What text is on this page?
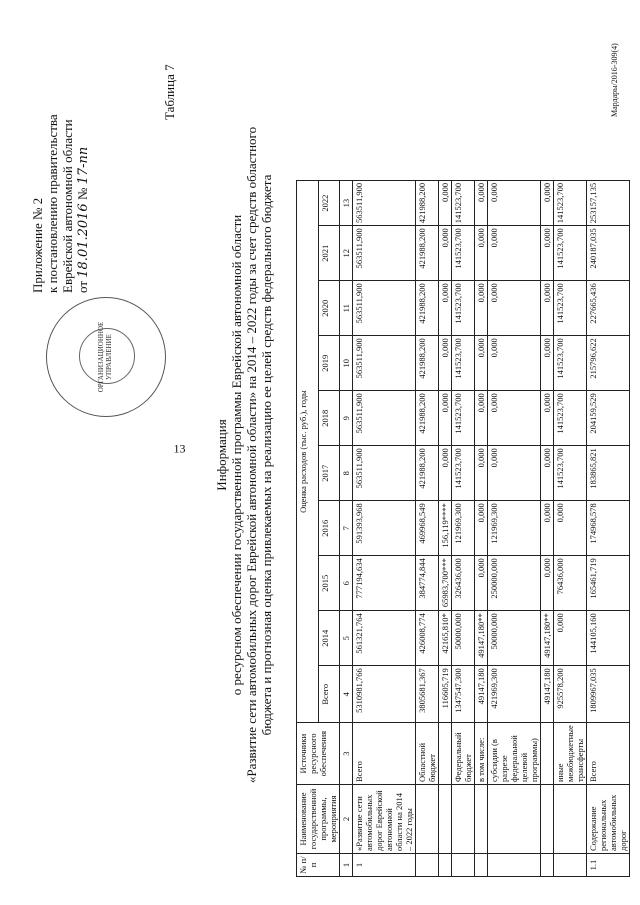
13
ОРГАНИЗАЦИОННОЕ УПРАВЛЕНИЕ
Приложение № 2 к постановлению правительства Еврейской автономной области от 18.01.2016 № 17-пп
Таблица 7
Информация о ресурсном обеспечении государственной программы Еврейской автономной области «Развитие сети автомобильных дорог Еврейской автономной области» на 2014 – 2022 годы за счет средств областного бюджета и прогнозная оценка привлекаемых на реализацию ее целей средств федерального бюджета
№ п/п	Наименование государственной программы, мероприятия	Источники ресурсного обеспечения	Оценка расходов (тыс. руб.), годы									
			Всего	2014	2015	2016	2017	2018	2019	2020	2021	2022
1	2	3	4	5	6	7	8	9	10	11	12	13
1	«Развитие сети автомобильных дорог Еврейской автономной области на 2014 – 2022 годы	Всего	5310981,766	561321,764	777194,634	591393,968	563511,900	563511,900	563511,900	563511,900	563511,900	563511,900
		Областной бюджет	3805681,367	426008,774	384774,844	469968,549	421988,200	421988,200	421988,200	421988,200	421988,200	421988,200
			116605,719	42165,810*	65983,700***	156,119****	0,000	0,000	0,000	0,000	0,000	0,000
		Федеральный бюджет	1347547,300	50000,000	326436,000	121969,300	141523,700	141523,700	141523,700	141523,700	141523,700	141523,700
		в том числе:	49147,180	49147,180**	0,000	0,000	0,000	0,000	0,000	0,000	0,000	0,000
		субсидии (в разрезе федеральной целевой программы)	421969,300	50000,000	250000,000	121969,300	0,000	0,000	0,000	0,000	0,000	0,000
			49147,180	49147,180**	0,000	0,000	0,000	0,000	0,000	0,000	0,000	0,000
		иные межбюджетные трансферты	925578,200	0,000	76436,000	0,000	141523,700	141523,700	141523,700	141523,700	141523,700	141523,700
1.1	Содержание региональных автомобильных дорог	Всего	1809967,035	144105,160	165461,719	174968,578	183865,821	204159,529	215796,622	227665,436	240187,035	253157,135
Мардары/2016-309(4)
